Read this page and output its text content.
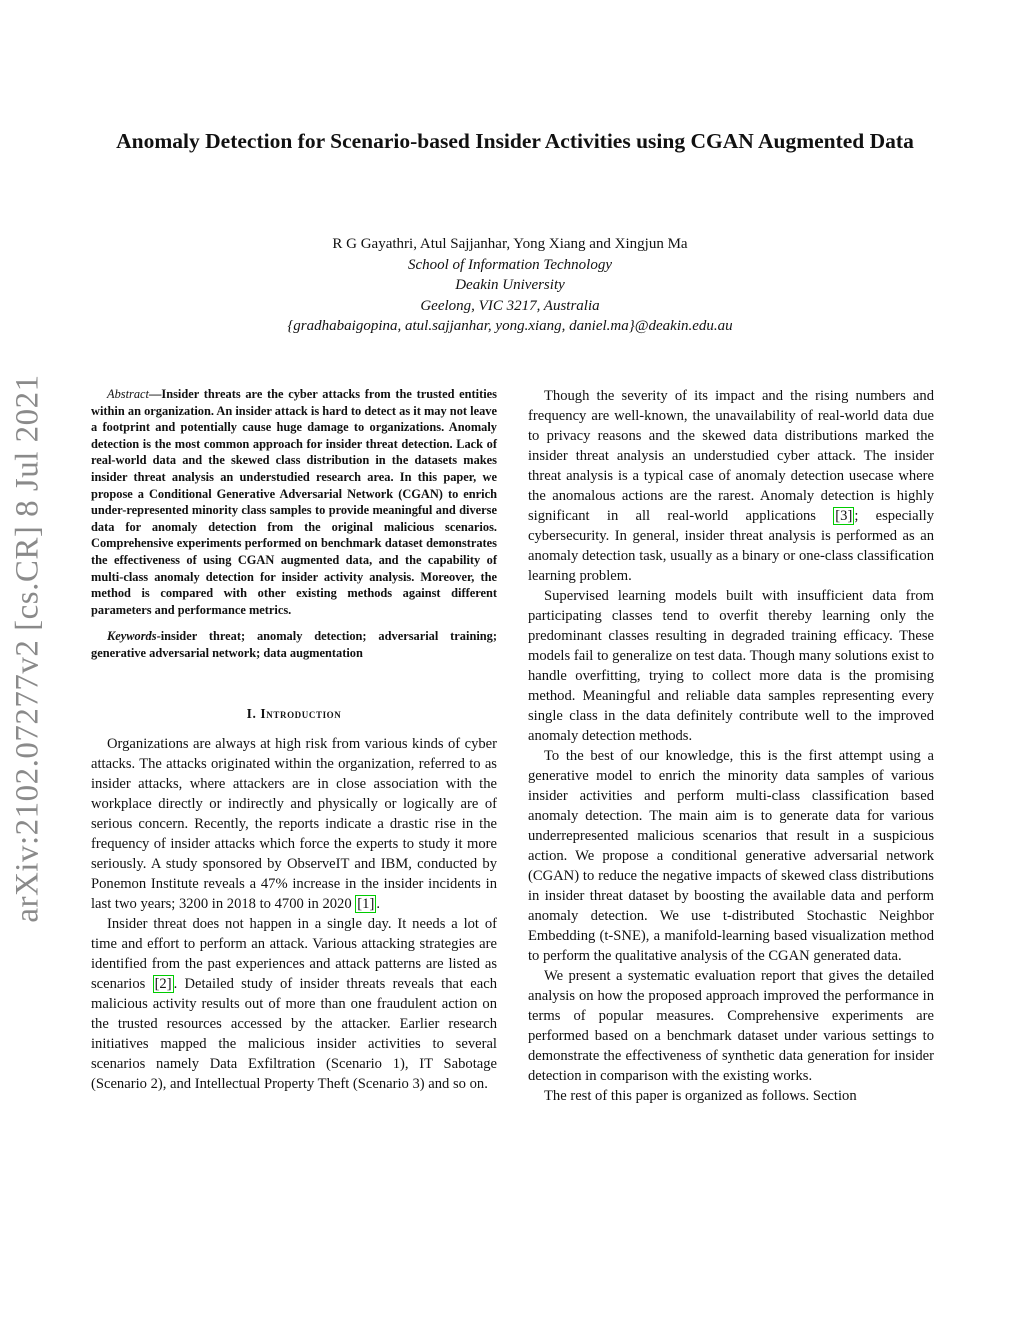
arXiv:2102.07277v2 [cs.CR] 8 Jul 2021
Anomaly Detection for Scenario-based Insider Activities using CGAN Augmented Data
R G Gayathri, Atul Sajjanhar, Yong Xiang and Xingjun Ma
School of Information Technology
Deakin University
Geelong, VIC 3217, Australia
{gradhabaigopina, atul.sajjanhar, yong.xiang, daniel.ma}@deakin.edu.au

Abstract—Insider threats are the cyber attacks from the trusted entities within an organization. An insider attack is hard to detect as it may not leave a footprint and potentially cause huge damage to organizations. Anomaly detection is the most common approach for insider threat detection. Lack of real-world data and the skewed class distribution in the datasets makes insider threat analysis an understudied research area. In this paper, we propose a Conditional Generative Adversarial Network (CGAN) to enrich under-represented minority class samples to provide meaningful and diverse data for anomaly detection from the original malicious scenarios. Comprehensive experiments performed on benchmark dataset demonstrates the effectiveness of using CGAN augmented data, and the capability of multi-class anomaly detection for insider activity analysis. Moreover, the method is compared with other existing methods against different parameters and performance metrics.

Keywords-insider threat; anomaly detection; adversarial training; generative adversarial network; data augmentation

I. Introduction

Organizations are always at high risk from various kinds of cyber attacks. The attacks originated within the organization, referred to as insider attacks, where attackers are in close association with the workplace directly or indirectly and physically or logically are of serious concern. Recently, the reports indicate a drastic rise in the frequency of insider attacks which force the experts to study it more seriously. A study sponsored by ObserveIT and IBM, conducted by Ponemon Institute reveals a 47% increase in the insider incidents in last two years; 3200 in 2018 to 4700 in 2020 [1] .

Insider threat does not happen in a single day. It needs a lot of time and effort to perform an attack. Various attacking strategies are identified from the past experiences and attack patterns are listed as scenarios [2] . Detailed study of insider threats reveals that each malicious activity results out of more than one fraudulent action on the trusted resources accessed by the attacker. Earlier research initiatives mapped the malicious insider activities to several scenarios namely Data Exfiltration (Scenario 1), IT Sabotage (Scenario 2), and Intellectual Property Theft (Scenario 3) and so on.

Though the severity of its impact and the rising numbers and frequency are well-known, the unavailability of real-world data due to privacy reasons and the skewed data distributions marked the insider threat analysis an understudied cyber attack. The insider threat analysis is a typical case of anomaly detection usecase where the anomalous actions are the rarest. Anomaly detection is highly significant in all real-world applications [3] ; especially cybersecurity. In general, insider threat analysis is performed as an anomaly detection task, usually as a binary or one-class classification learning problem.

Supervised learning models built with insufficient data from participating classes tend to overfit thereby learning only the predominant classes resulting in degraded training efficacy. These models fail to generalize on test data. Though many solutions exist to handle overfitting, trying to collect more data is the promising method. Meaningful and reliable data samples representing every single class in the data definitely contribute well to the improved anomaly detection methods.

To the best of our knowledge, this is the first attempt using a generative model to enrich the minority data samples of various insider activities and perform multi-class classification based anomaly detection. The main aim is to generate data for various underrepresented malicious scenarios that result in a suspicious action. We propose a conditional generative adversarial network (CGAN) to reduce the negative impacts of skewed class distributions in insider threat dataset by boosting the available data and perform anomaly detection. We use t-distributed Stochastic Neighbor Embedding (t-SNE), a manifold-learning based visualization method to perform the qualitative analysis of the CGAN generated data.

We present a systematic evaluation report that gives the detailed analysis on how the proposed approach improved the performance in terms of popular measures. Comprehensive experiments are performed based on a benchmark dataset under various settings to demonstrate the effectiveness of synthetic data generation for insider detection in comparison with the existing works.

The rest of this paper is organized as follows. Section
